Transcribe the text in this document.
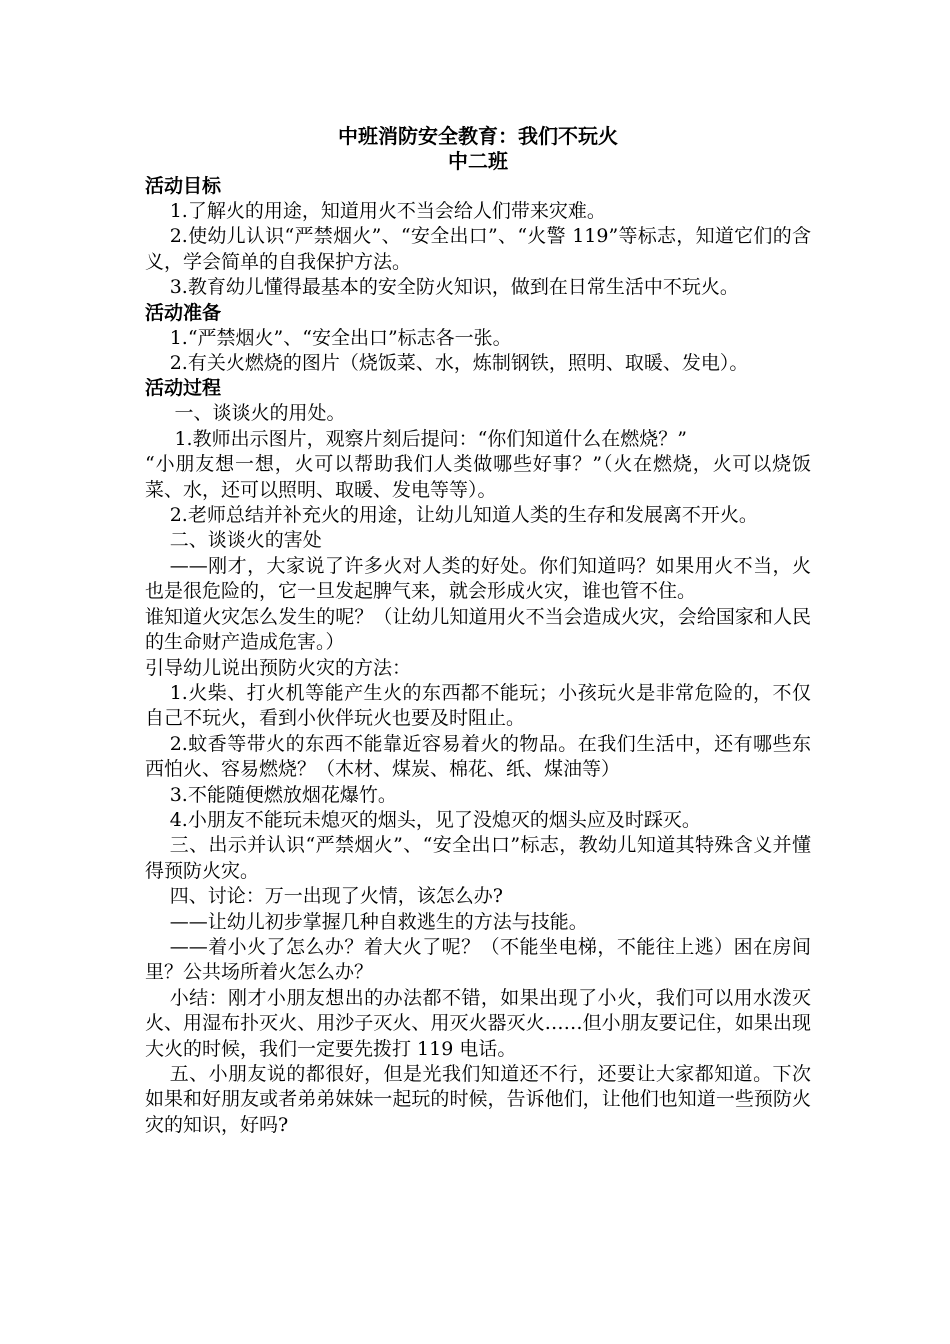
中班消防安全教育：我们不玩火
中二班
活动目标

1.了解火的用途，知道用火不当会给人们带来灾难。

2.使幼儿认识“严禁烟火”、“安全出口”、“火警 119”等标志，知道它们的含义，学会简单的自我保护方法。

3.教育幼儿懂得最基本的安全防火知识，做到在日常生活中不玩火。

活动准备

1.“严禁烟火”、“安全出口”标志各一张。

2.有关火燃烧的图片（烧饭菜、水，炼制钢铁，照明、取暖、发电）。

活动过程

一、谈谈火的用处。

1.教师出示图片，观察片刻后提问：“你们知道什么在燃烧？”

“小朋友想一想，火可以帮助我们人类做哪些好事？”（火在燃烧，火可以烧饭菜、水，还可以照明、取暖、发电等等）。

2.老师总结并补充火的用途，让幼儿知道人类的生存和发展离不开火。

二、谈谈火的害处

——刚才，大家说了许多火对人类的好处。你们知道吗？如果用火不当，火也是很危险的，它一旦发起脾气来，就会形成火灾，谁也管不住。

谁知道火灾怎么发生的呢？（让幼儿知道用火不当会造成火灾，会给国家和人民的生命财产造成危害。）

引导幼儿说出预防火灾的方法：

1.火柴、打火机等能产生火的东西都不能玩；小孩玩火是非常危险的，不仅自己不玩火，看到小伙伴玩火也要及时阻止。

2.蚊香等带火的东西不能靠近容易着火的物品。在我们生活中，还有哪些东西怕火、容易燃烧？（木材、煤炭、棉花、纸、煤油等）

3.不能随便燃放烟花爆竹。

4.小朋友不能玩未熄灭的烟头，见了没熄灭的烟头应及时踩灭。

三、出示并认识“严禁烟火”、“安全出口”标志，教幼儿知道其特殊含义并懂得预防火灾。

四、讨论：万一出现了火情，该怎么办?

——让幼儿初步掌握几种自救逃生的方法与技能。

——着小火了怎么办？着大火了呢？（不能坐电梯，不能往上逃）困在房间里？公共场所着火怎么办？

小结：刚才小朋友想出的办法都不错，如果出现了小火，我们可以用水泼灭火、用湿布扑灭火、用沙子灭火、用灭火器灭火……但小朋友要记住，如果出现大火的时候，我们一定要先拨打 119 电话。

五、小朋友说的都很好，但是光我们知道还不行，还要让大家都知道。下次如果和好朋友或者弟弟妹妹一起玩的时候，告诉他们，让他们也知道一些预防火灾的知识，好吗?
